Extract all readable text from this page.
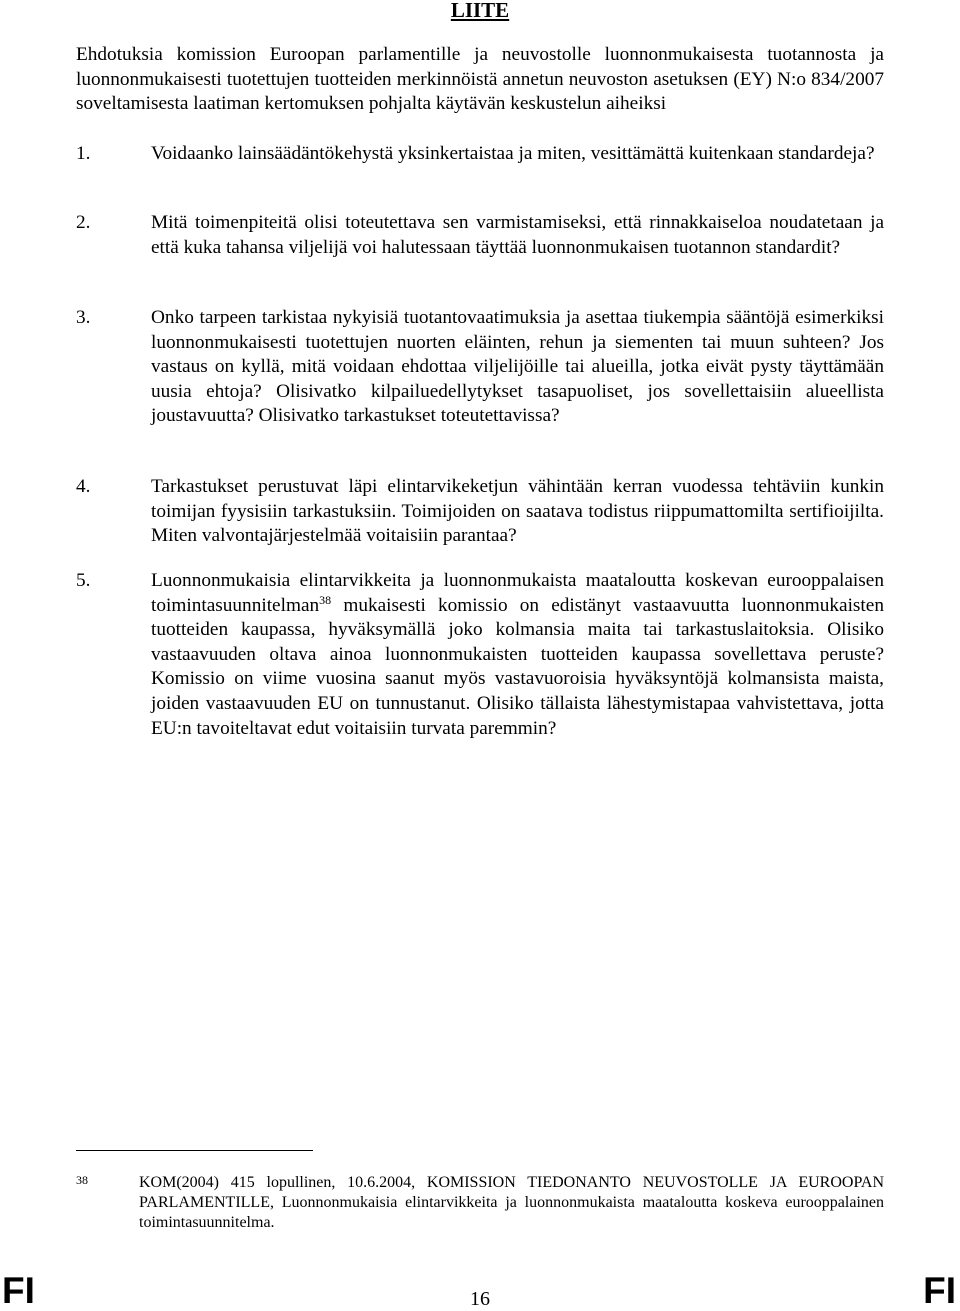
LIITE
Ehdotuksia komission Euroopan parlamentille ja neuvostolle luonnonmukaisesta tuotannosta ja luonnonmukaisesti tuotettujen tuotteiden merkinnöistä annetun neuvoston asetuksen (EY) N:o 834/2007 soveltamisesta laatiman kertomuksen pohjalta käytävän keskustelun aiheiksi
1.	Voidaanko lainsäädäntökehystä yksinkertaistaa ja miten, vesittämättä kuitenkaan standardeja?
2.	Mitä toimenpiteitä olisi toteutettava sen varmistamiseksi, että rinnakkaiseloa noudatetaan ja että kuka tahansa viljelijä voi halutessaan täyttää luonnonmukaisen tuotannon standardit?
3.	Onko tarpeen tarkistaa nykyisiä tuotantovaatimuksia ja asettaa tiukempia sääntöjä esimerkiksi luonnonmukaisesti tuotettujen nuorten eläinten, rehun ja siementen tai muun suhteen? Jos vastaus on kyllä, mitä voidaan ehdottaa viljelijöille tai alueilla, jotka eivät pysty täyttämään uusia ehtoja? Olisivatko kilpailuedellytykset tasapuoliset, jos sovellettaisiin alueellista joustavuutta? Olisivatko tarkastukset toteutettavissa?
4.	Tarkastukset perustuvat läpi elintarvikeketjun vähintään kerran vuodessa tehtäviin kunkin toimijan fyysisiin tarkastuksiin. Toimijoiden on saatava todistus riippumattomilta sertifioijilta. Miten valvontajärjestelmää voitaisiin parantaa?
5.	Luonnonmukaisia elintarvikkeita ja luonnonmukaista maataloutta koskevan eurooppalaisen toimintasuunnitelman$^{38}$ mukaisesti komissio on edistänyt vastaavuutta luonnonmukaisten tuotteiden kaupassa, hyväksymällä joko kolmansia maita tai tarkastuslaitoksia. Olisiko vastaavuuden oltava ainoa luonnonmukaisten tuotteiden kaupassa sovellettava peruste? Komissio on viime vuosina saanut myös vastavuoroisia hyväksyntöjä kolmansista maista, joiden vastaavuuden EU on tunnustanut. Olisiko tällaista lähestymistapaa vahvistettava, jotta EU:n tavoiteltavat edut voitaisiin turvata paremmin?
38	KOM(2004) 415 lopullinen, 10.6.2004, KOMISSION TIEDONANTO NEUVOSTOLLE JA EUROOPAN PARLAMENTILLE, Luonnonmukaisia elintarvikkeita ja luonnonmukaista maataloutta koskeva eurooppalainen toimintasuunnitelma.
FI	16	FI
